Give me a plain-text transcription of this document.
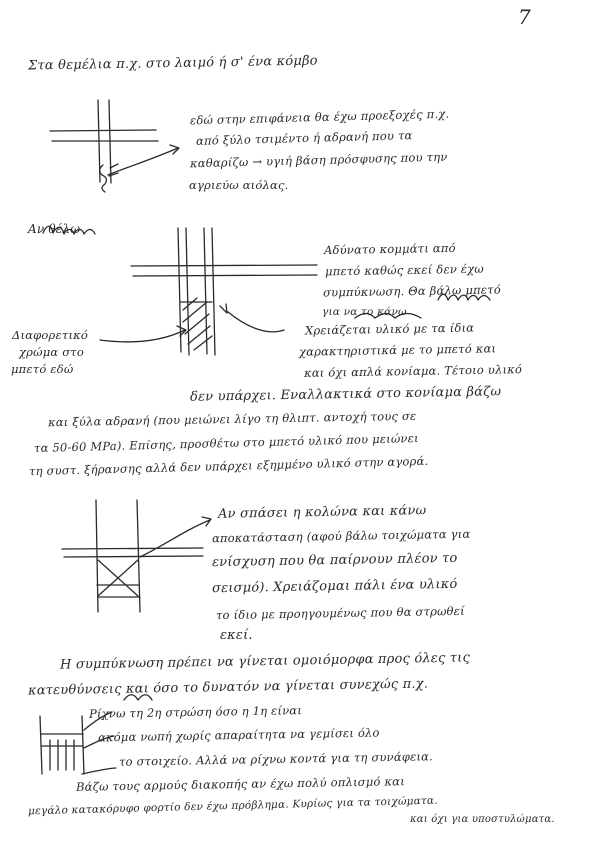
7
Στα θεμέλια π.χ. στο λαιμό ή σ' ένα κόμβο
εδώ στην επιφάνεια θα έχω προεξοχές π.χ.
από ξύλο τσιμέντο ή αδρανή που τα
καθαρίζω → υγιή βάση πρόσφυσης που την
αγριεύω αιόλας.
Αδύνατο κομμάτι από
μπετό καθώς εκεί δεν έχω
συμπύκνωση. Θα βάλω μπετό
Χρειάζεται υλικό με τα ίδια
χαρακτηριστικά με το μπετό και
και όχι απλά κονίαμα. Τέτοιο υλικό
Διαφορετικό
χρώμα στο
μπετό εδώ
δεν υπάρχει. Εναλλακτικά στο κονίαμα βάζω
και ξύλα αδρανή (που μειώνει λίγο τη θλιπτ. αντοχή τους σε
τα 50-60 MPa). Επίσης, προσθέτω στο μπετό υλικό που μειώνει
τη συστ. ξήρανσης αλλά δεν υπάρχει εξημμένο υλικό στην αγορά.
Αν σπάσει η κολώνα και κάνω
αποκατάσταση (αφού βάλω τοιχώματα για
ενίσχυση που θα παίρνουν πλέον το
σεισμό). Χρειάζομαι πάλι ένα υλικό
το ίδιο με προηγουμένως που θα στρωθεί
εκεί.
Η συμπύκνωση πρέπει να γίνεται ομοιόμορφα προς όλες τις
κατευθύνσεις και όσο το δυνατόν να γίνεται συνεχώς π.χ.
Ρίχνω τη 2η στρώση όσο η 1η είναι
ακόμα νωπή χωρίς απαραίτητα να γεμίσει όλο
το στοιχείο. Αλλά να ρίχνω κοντά για τη συνάφεια.
Βάζω τους αρμούς διακοπής αν έχω πολύ οπλισμό και
μεγάλο κατακόρυφο φορτίο δεν έχω πρόβλημα. Κυρίως για τα τοιχώματα.
και όχι για υποστυλώματα.
Αν θέλω
για να το κάνω
